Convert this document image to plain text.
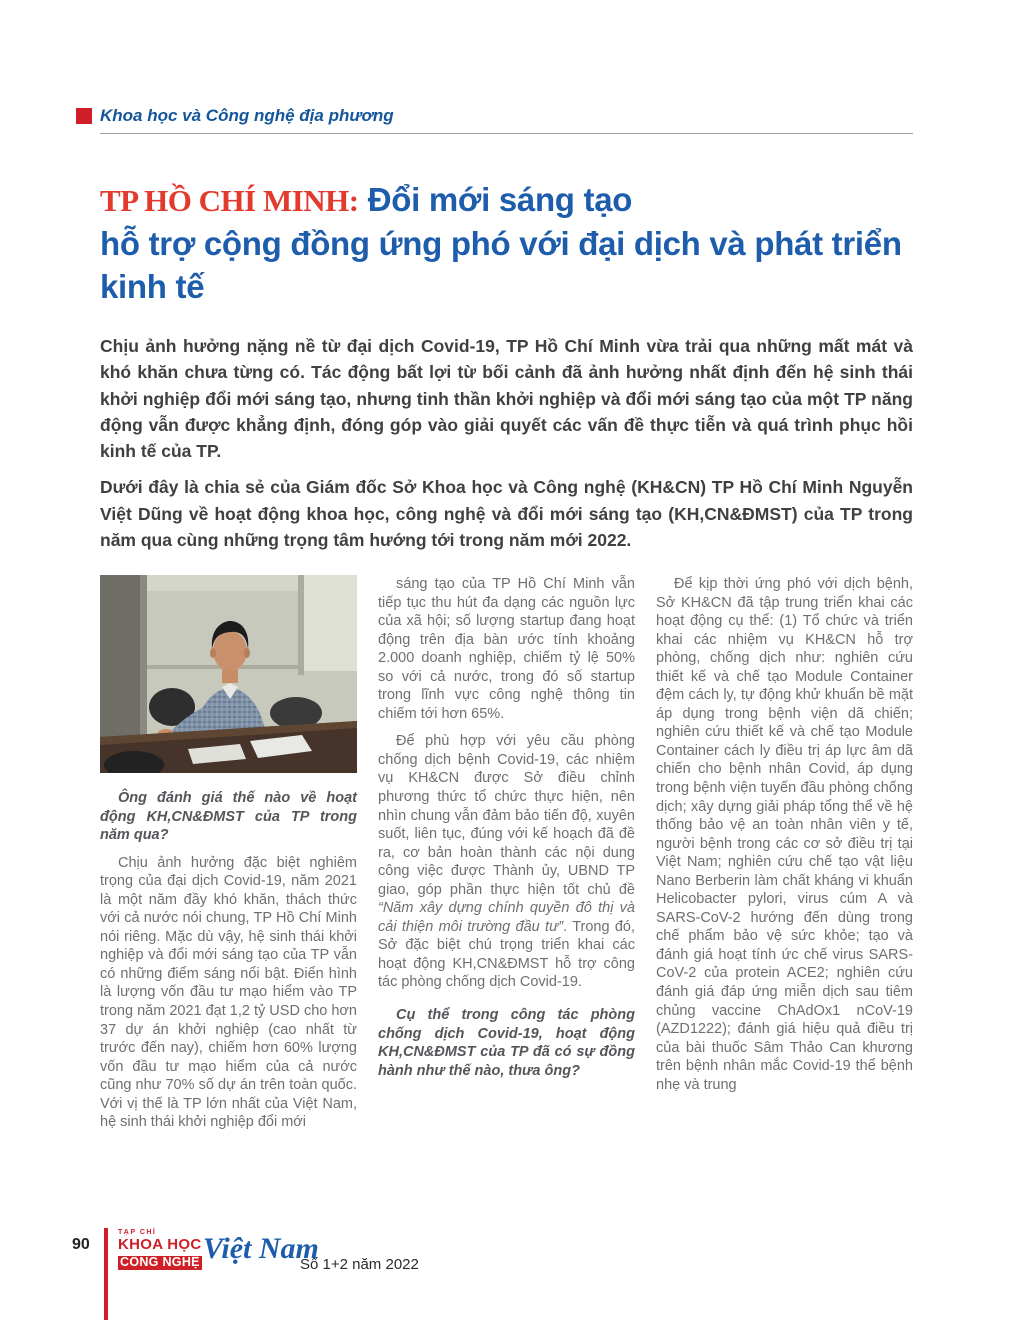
Khoa học và Công nghệ địa phương
TP HỒ CHÍ MINH: Đổi mới sáng tạo
hỗ trợ cộng đồng ứng phó với đại dịch và phát triển kinh tế

Chịu ảnh hưởng nặng nề từ đại dịch Covid-19, TP Hồ Chí Minh vừa trải qua những mất mát và khó khăn chưa từng có. Tác động bất lợi từ bối cảnh đã ảnh hưởng nhất định đến hệ sinh thái khởi nghiệp đổi mới sáng tạo, nhưng tinh thần khởi nghiệp và đổi mới sáng tạo của một TP năng động vẫn được khẳng định, đóng góp vào giải quyết các vấn đề thực tiễn và quá trình phục hồi kinh tế của TP.

Dưới đây là chia sẻ của Giám đốc Sở Khoa học và Công nghệ (KH&CN) TP Hồ Chí Minh Nguyễn Việt Dũng về hoạt động khoa học, công nghệ và đổi mới sáng tạo (KH,CN&ĐMST) của TP trong năm qua cùng những trọng tâm hướng tới trong năm mới 2022.

Ông đánh giá thế nào về hoạt động KH,CN&ĐMST của TP trong năm qua?

Chịu ảnh hưởng đặc biệt nghiêm trọng của đại dịch Covid-19, năm 2021 là một năm đầy khó khăn, thách thức với cả nước nói chung, TP Hồ Chí Minh nói riêng. Mặc dù vậy, hệ sinh thái khởi nghiệp và đổi mới sáng tạo của TP vẫn có những điểm sáng nổi bật. Điển hình là lượng vốn đầu tư mạo hiểm vào TP trong năm 2021 đạt 1,2 tỷ USD cho hơn 37 dự án khởi nghiệp (cao nhất từ trước đến nay), chiếm hơn 60% lượng vốn đầu tư mạo hiểm của cả nước cũng như 70% số dự án trên toàn quốc. Với vị thế là TP lớn nhất của Việt Nam, hệ sinh thái khởi nghiệp đổi mới

sáng tạo của TP Hồ Chí Minh vẫn tiếp tục thu hút đa dạng các nguồn lực của xã hội; số lượng startup đang hoạt động trên địa bàn ước tính khoảng 2.000 doanh nghiệp, chiếm tỷ lệ 50% so với cả nước, trong đó số startup trong lĩnh vực công nghệ thông tin chiếm tới hơn 65%.

Để phù hợp với yêu cầu phòng chống dịch bệnh Covid-19, các nhiệm vụ KH&CN được Sở điều chỉnh phương thức tổ chức thực hiện, nên nhìn chung vẫn đảm bảo tiến độ, xuyên suốt, liên tục, đúng với kế hoạch đã đề ra, cơ bản hoàn thành các nội dung công việc được Thành ủy, UBND TP giao, góp phần thực hiện tốt chủ đề “Năm xây dựng chính quyền đô thị và cải thiện môi trường đầu tư”. Trong đó, Sở đặc biệt chú trọng triển khai các hoạt động KH,CN&ĐMST hỗ trợ công tác phòng chống dịch Covid-19.

Cụ thể trong công tác phòng chống dịch Covid-19, hoạt động KH,CN&ĐMST của TP đã có sự đồng hành như thế nào, thưa ông?

Để kịp thời ứng phó với dịch bệnh, Sở KH&CN đã tập trung triển khai các hoạt động cụ thể: (1) Tổ chức và triển khai các nhiệm vụ KH&CN hỗ trợ phòng, chống dịch như: nghiên cứu thiết kế và chế tạo Module Container đệm cách ly, tự động khử khuẩn bề mặt áp dụng trong bệnh viện dã chiến; nghiên cứu thiết kế và chế tạo Module Container cách ly điều trị áp lực âm dã chiến cho bệnh nhân Covid, áp dụng trong bệnh viện tuyến đầu phòng chống dịch; xây dựng giải pháp tổng thể về hệ thống bảo vệ an toàn nhân viên y tế, người bệnh trong các cơ sở điều trị tại Việt Nam; nghiên cứu chế tạo vật liệu Nano Berberin làm chất kháng vi khuẩn Helicobacter pylori, virus cúm A và SARS-CoV-2 hướng đến dùng trong chế phẩm bảo vệ sức khỏe; tạo và đánh giá hoạt tính ức chế virus SARS-CoV-2 của protein ACE2; nghiên cứu đánh giá đáp ứng miễn dịch sau tiêm chủng vaccine ChAdOx1 nCoV-19 (AZD1222); đánh giá hiệu quả điều trị của bài thuốc Sâm Thảo Can khương trên bệnh nhân mắc Covid-19 thể bệnh nhẹ và trung

90
TẠP CHÍ
KHOA HỌC
CÔNG NGHỆ Việt Nam
Số 1+2 năm 2022
